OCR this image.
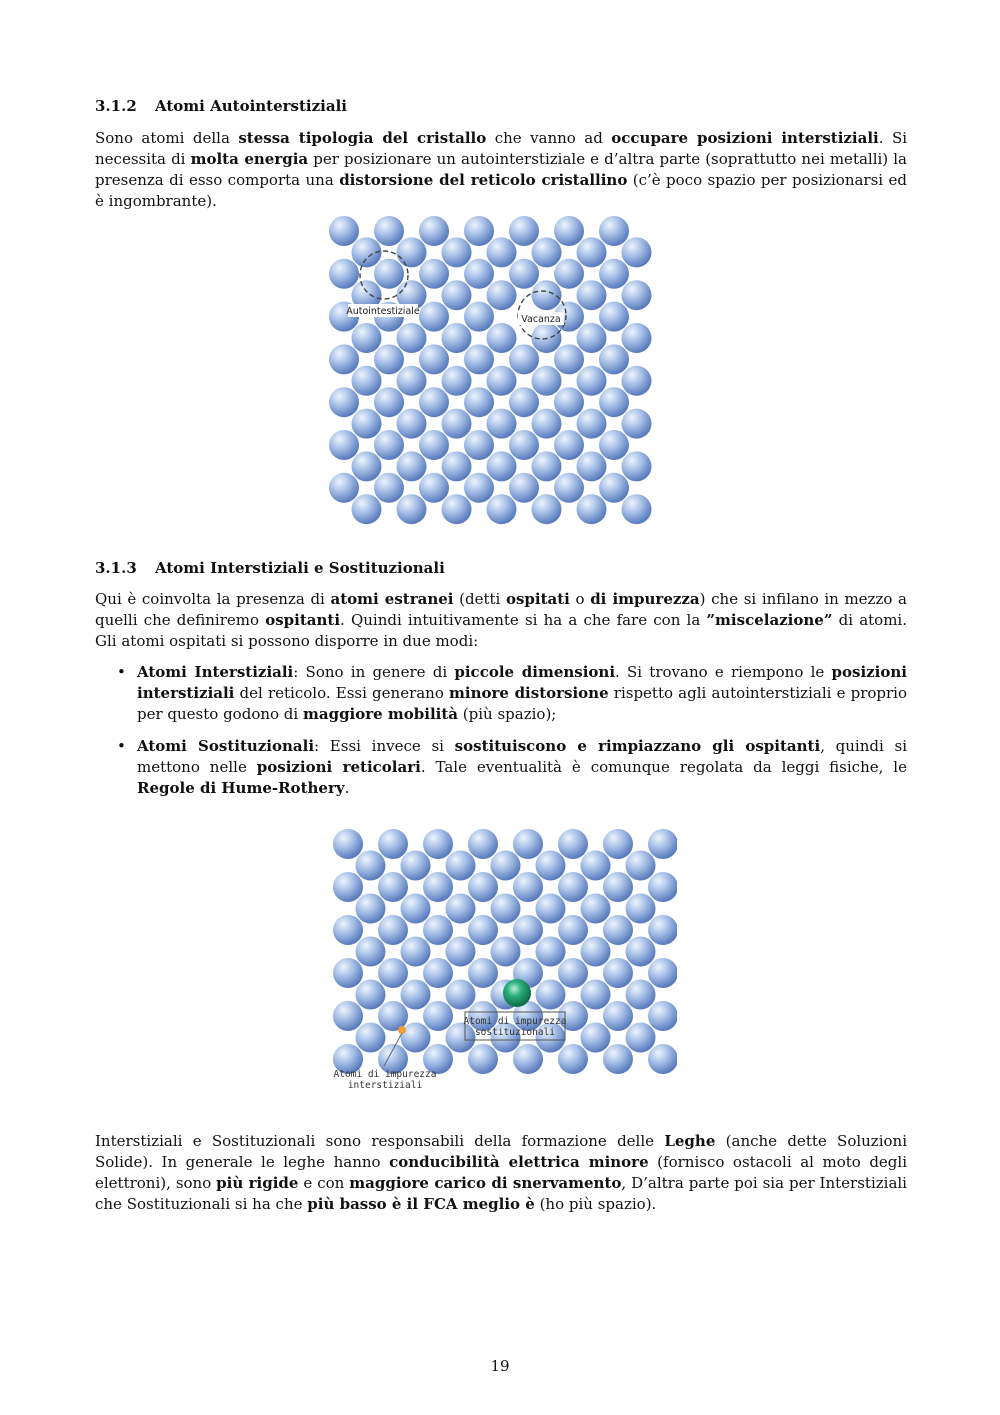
3.1.2 Atomi Autointerstiziali

Sono atomi della stessa tipologia del cristallo che vanno ad occupare posizioni interstiziali. Si necessita di molta energia per posizionare un autointerstiziale e d’altra parte (soprattutto nei metalli) la presenza di esso comporta una distorsione del reticolo cristallino (c’è poco spazio per posizionarsi ed è ingombrante).

Autointestiziale
Vacanza
3.1.3 Atomi Interstiziali e Sostituzionali

Qui è coinvolta la presenza di atomi estranei (detti ospitati o di impurezza) che si infilano in mezzo a quelli che definiremo ospitanti. Quindi intuitivamente si ha a che fare con la ”miscelazione” di atomi. Gli atomi ospitati si possono disporre in due modi:

• Atomi Interstiziali: Sono in genere di piccole dimensioni. Si trovano e riempono le posizioni interstiziali del reticolo. Essi generano minore distorsione rispetto agli autointerstiziali e proprio per questo godono di maggiore mobilità (più spazio);
• Atomi Sostituzionali: Essi invece si sostituiscono e rimpiazzano gli ospitanti, quindi si mettono nelle posizioni reticolari. Tale eventualità è comunque regolata da leggi fisiche, le Regole di Hume-Rothery.
Atomi di impurezza
sostituzionali
Atomi di impurezza
interstiziali

Interstiziali e Sostituzionali sono responsabili della formazione delle Leghe (anche dette Soluzioni Solide). In generale le leghe hanno conducibilità elettrica minore (fornisco ostacoli al moto degli elettroni), sono più rigide e con maggiore carico di snervamento, D’altra parte poi sia per Interstiziali che Sostituzionali si ha che più basso è il FCA meglio è (ho più spazio).

19
